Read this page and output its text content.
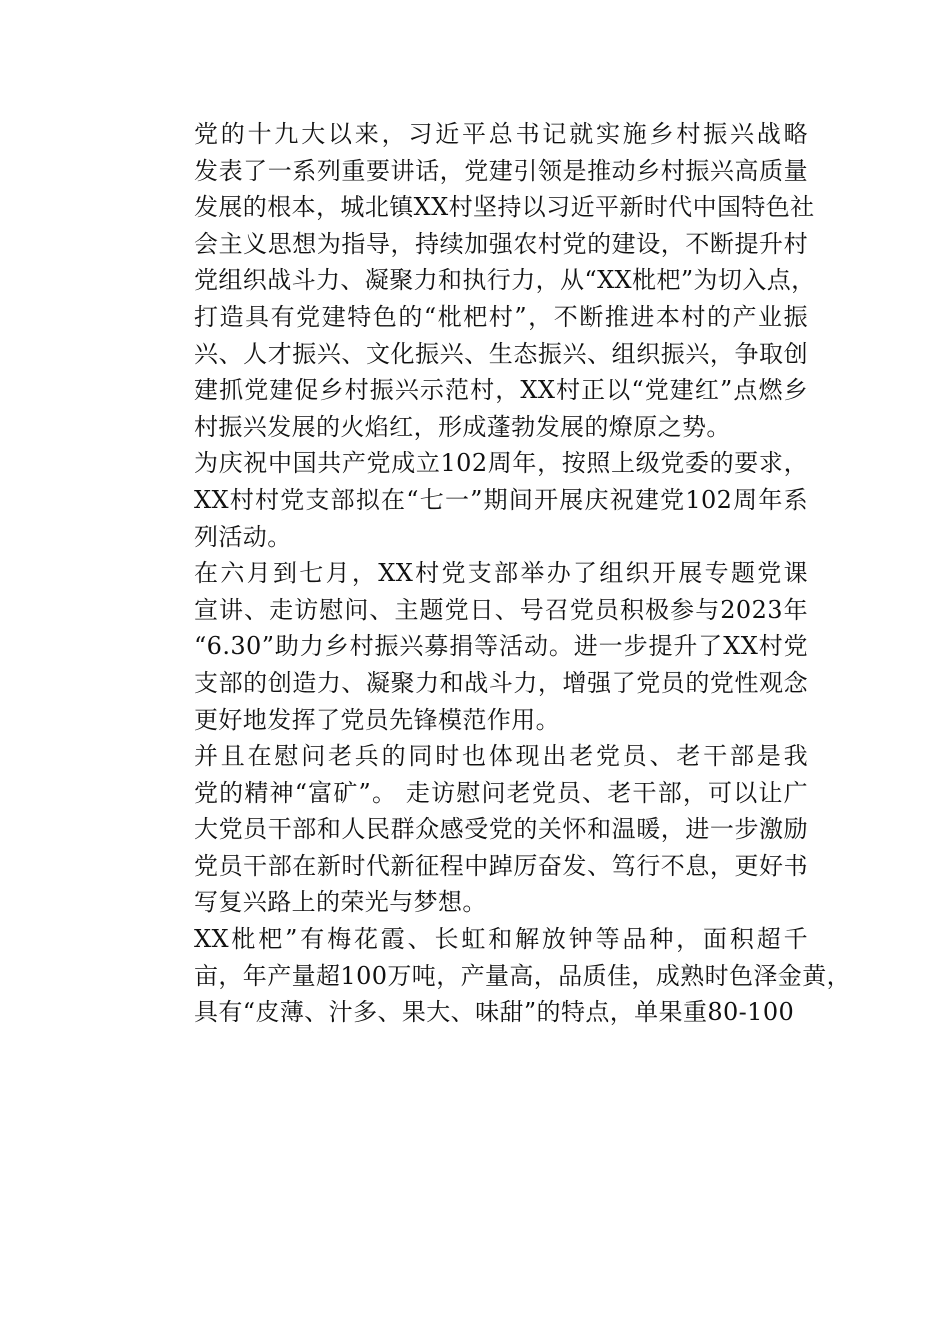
党的十九大以来，习近平总书记就实施乡村振兴战略
发表了一系列重要讲话，党建引领是推动乡村振兴高质量
发展的根本，城北镇XX村坚持以习近平新时代中国特色社
会主义思想为指导，持续加强农村党的建设，不断提升村
党组织战斗力、凝聚力和执行力，从“XX枇杷”为切入点，
打造具有党建特色的“枇杷村”，不断推进本村的产业振
兴、人才振兴、文化振兴、生态振兴、组织振兴，争取创
建抓党建促乡村振兴示范村，XX村正以“党建红”点燃乡
村振兴发展的火焰红，形成蓬勃发展的燎原之势。
为庆祝中国共产党成立102周年，按照上级党委的要求，
XX村村党支部拟在“七一”期间开展庆祝建党102周年系
列活动。
在六月到七月，XX村党支部举办了组织开展专题党课
宣讲、走访慰问、主题党日、号召党员积极参与2023年
“6.30”助力乡村振兴募捐等活动。进一步提升了XX村党
支部的创造力、凝聚力和战斗力，增强了党员的党性观念
更好地发挥了党员先锋模范作用。
并且在慰问老兵的同时也体现出老党员、老干部是我
党的精神“富矿”。 走访慰问老党员、老干部，可以让广
大党员干部和人民群众感受党的关怀和温暖，进一步激励
党员干部在新时代新征程中踔厉奋发、笃行不息，更好书
写复兴路上的荣光与梦想。
XX枇杷”有梅花霞、长虹和解放钟等品种，面积超千
亩，年产量超100万吨，产量高，品质佳，成熟时色泽金黄，
具有“皮薄、汁多、果大、味甜”的特点，单果重80-100
